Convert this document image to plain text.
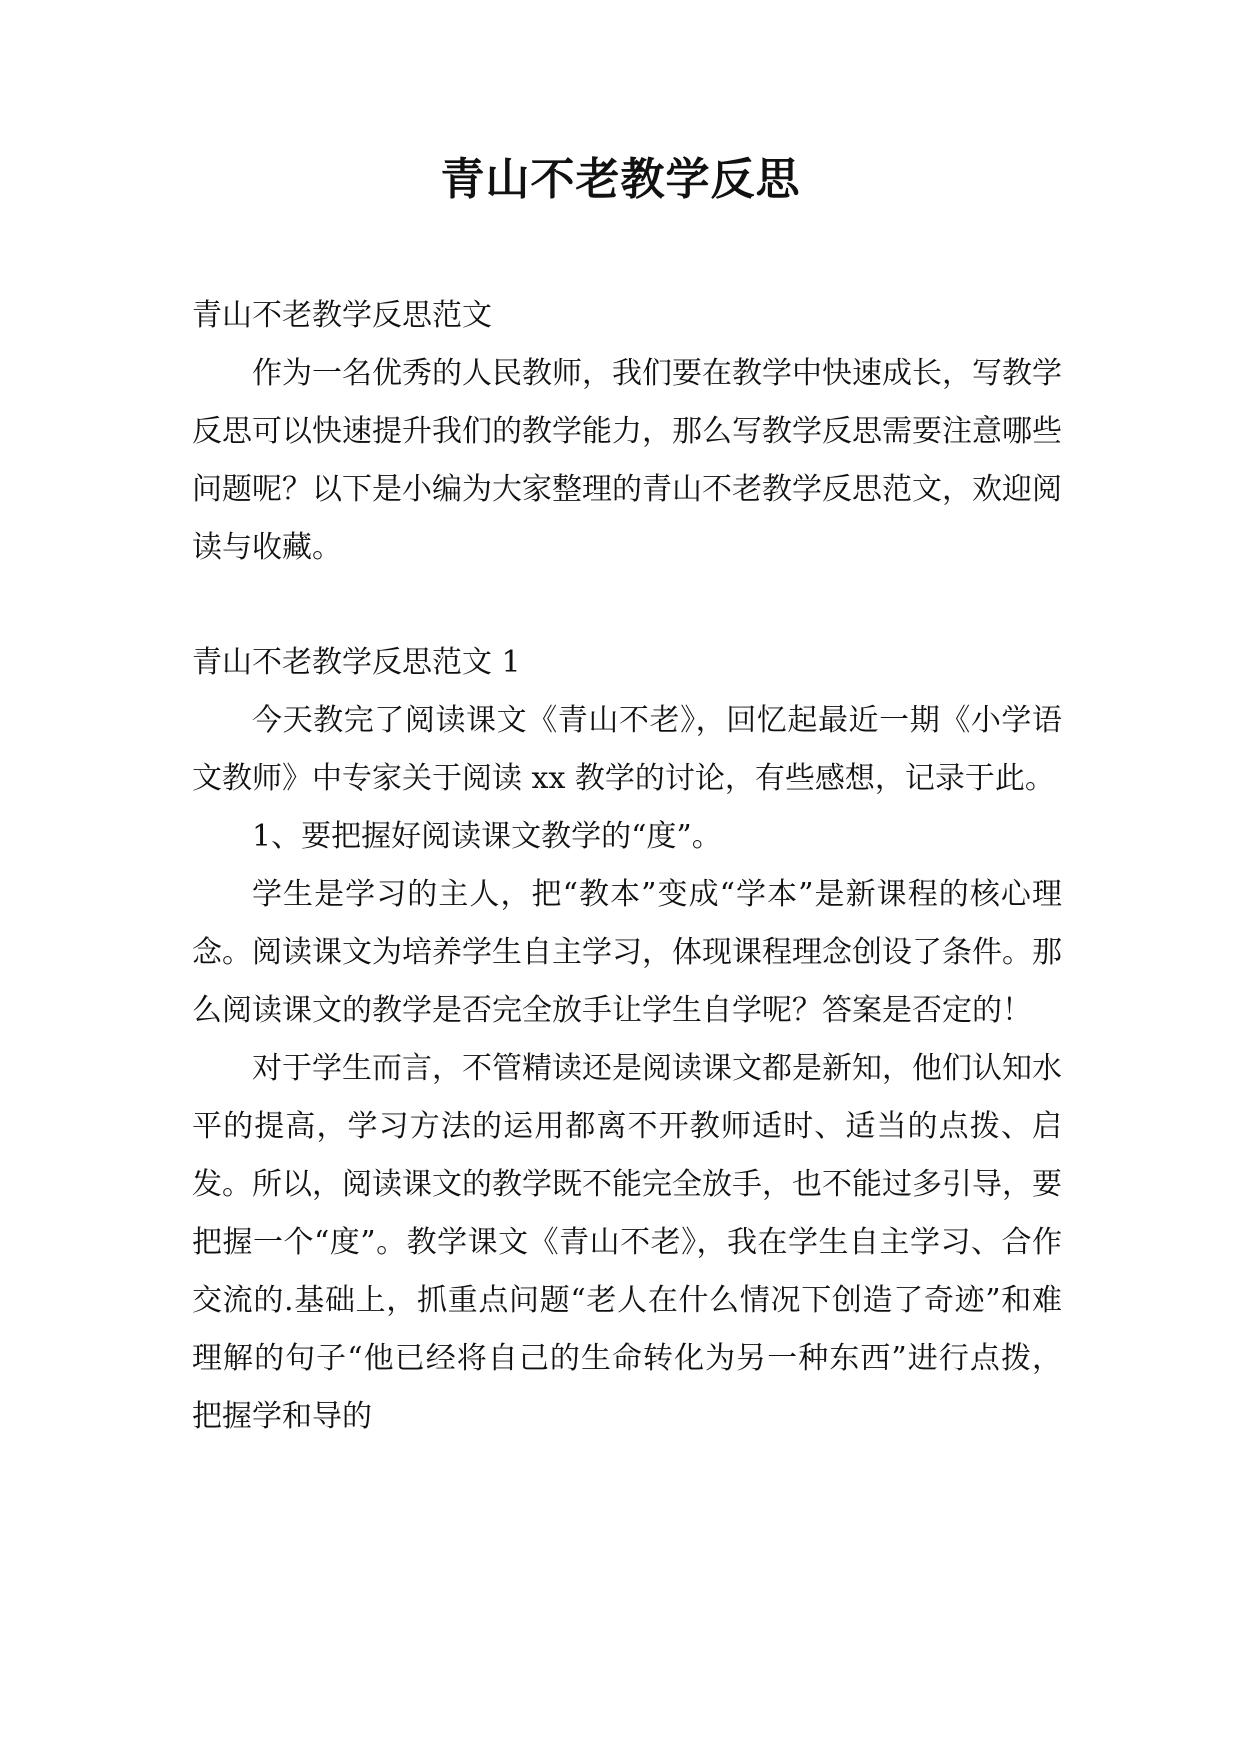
青山不老教学反思

青山不老教学反思范文

作为一名优秀的人民教师，我们要在教学中快速成长，写教学反思可以快速提升我们的教学能力，那么写教学反思需要注意哪些问题呢？以下是小编为大家整理的青山不老教学反思范文，欢迎阅读与收藏。

青山不老教学反思范文 1

今天教完了阅读课文《青山不老》，回忆起最近一期《小学语文教师》中专家关于阅读 xx 教学的讨论，有些感想，记录于此。

1、要把握好阅读课文教学的“度”。

学生是学习的主人，把“教本”变成“学本”是新课程的核心理念。阅读课文为培养学生自主学习，体现课程理念创设了条件。那么阅读课文的教学是否完全放手让学生自学呢？答案是否定的！

对于学生而言，不管精读还是阅读课文都是新知，他们认知水平的提高，学习方法的运用都离不开教师适时、适当的点拨、启发。所以，阅读课文的教学既不能完全放手，也不能过多引导，要把握一个“度”。教学课文《青山不老》，我在学生自主学习、合作交流的.基础上，抓重点问题“老人在什么情况下创造了奇迹”和难理解的句子“他已经将自己的生命转化为另一种东西”进行点拨，把握学和导的
